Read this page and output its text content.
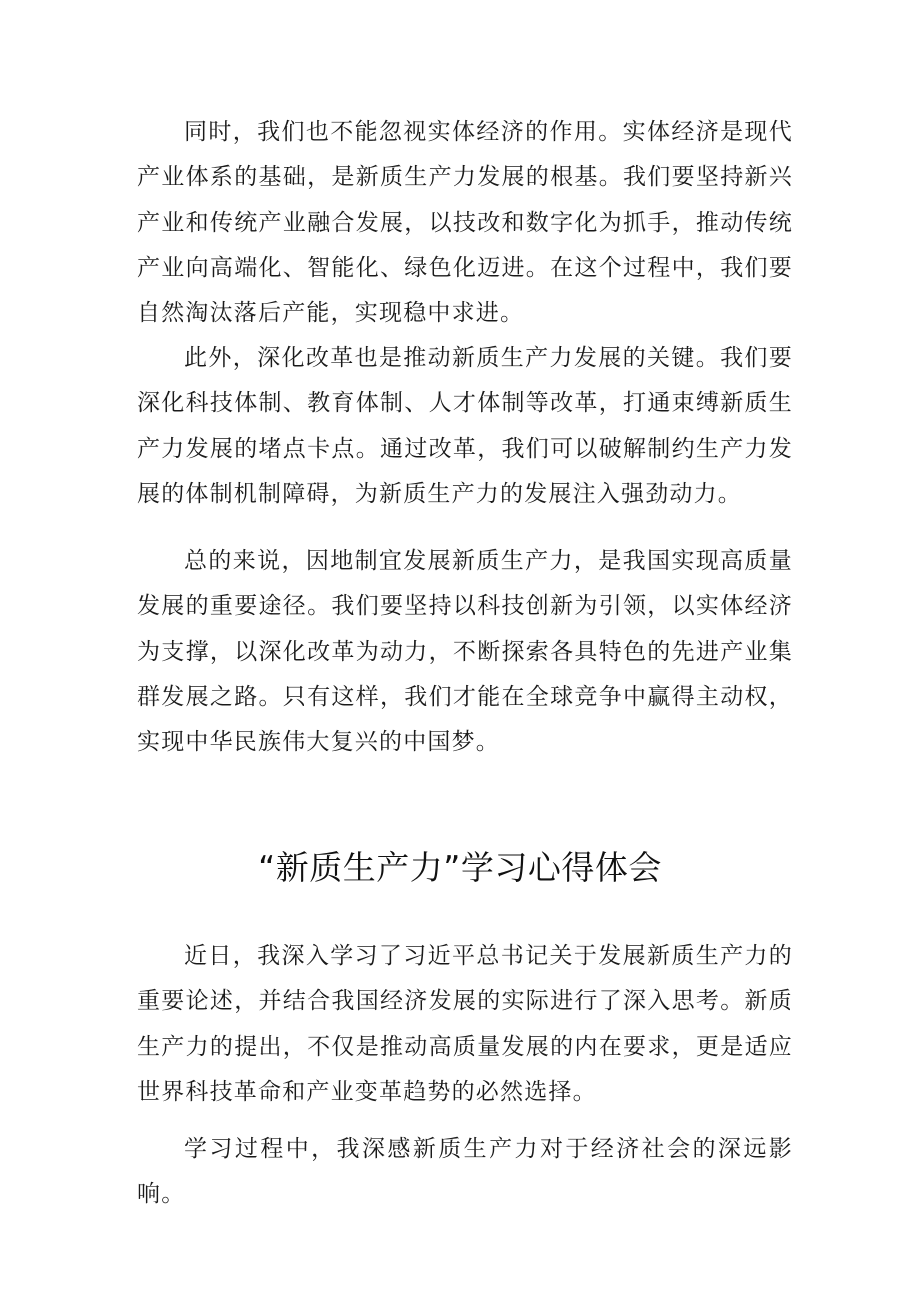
同时，我们也不能忽视实体经济的作用。实体经济是现代产业体系的基础，是新质生产力发展的根基。我们要坚持新兴产业和传统产业融合发展，以技改和数字化为抓手，推动传统产业向高端化、智能化、绿色化迈进。在这个过程中，我们要自然淘汰落后产能，实现稳中求进。

此外，深化改革也是推动新质生产力发展的关键。我们要深化科技体制、教育体制、人才体制等改革，打通束缚新质生产力发展的堵点卡点。通过改革，我们可以破解制约生产力发展的体制机制障碍，为新质生产力的发展注入强劲动力。

总的来说，因地制宜发展新质生产力，是我国实现高质量发展的重要途径。我们要坚持以科技创新为引领，以实体经济为支撑，以深化改革为动力，不断探索各具特色的先进产业集群发展之路。只有这样，我们才能在全球竞争中赢得主动权，实现中华民族伟大复兴的中国梦。

“新质生产力”学习心得体会

近日，我深入学习了习近平总书记关于发展新质生产力的重要论述，并结合我国经济发展的实际进行了深入思考。新质生产力的提出，不仅是推动高质量发展的内在要求，更是适应世界科技革命和产业变革趋势的必然选择。

学习过程中，我深感新质生产力对于经济社会的深远影响。
